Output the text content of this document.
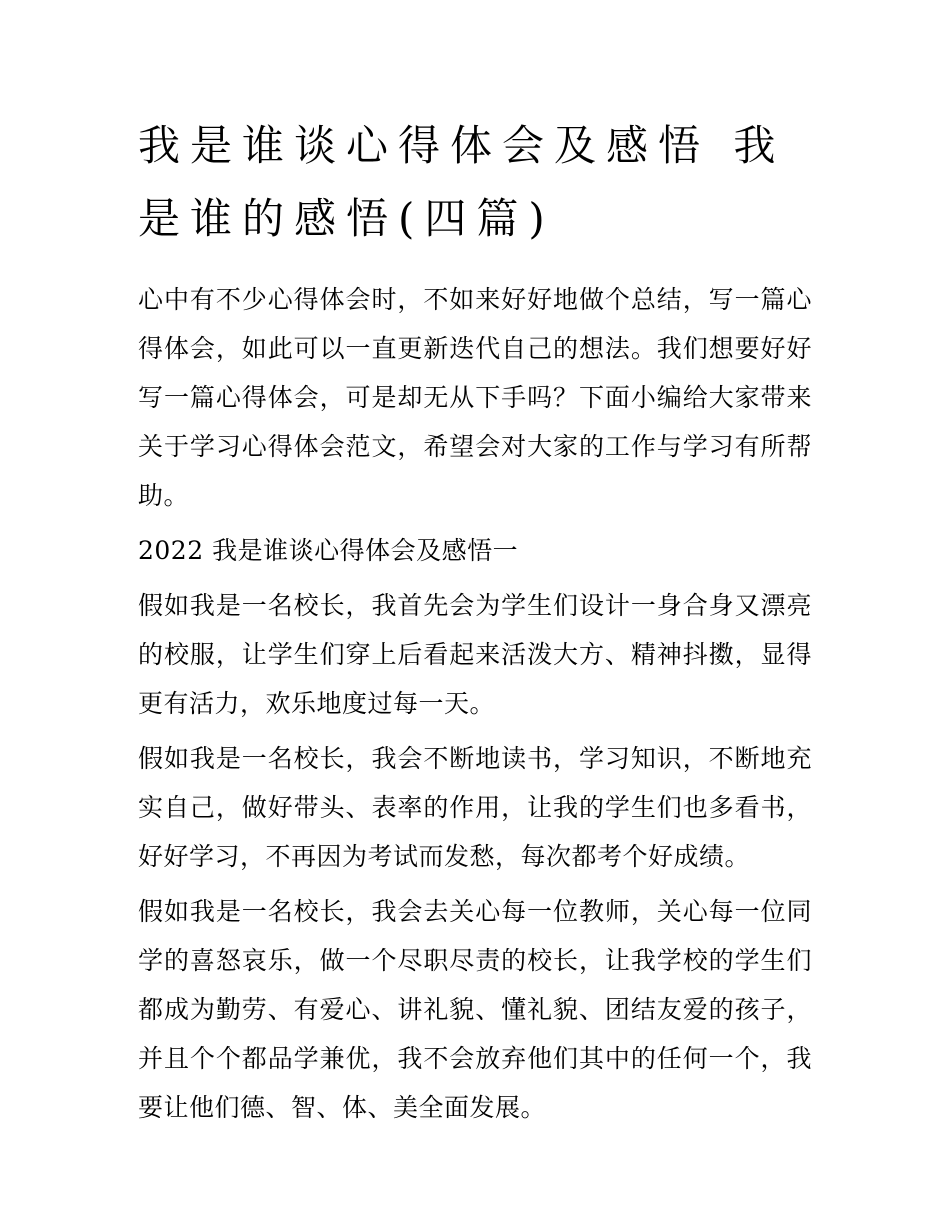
我是谁谈心得体会及感悟 我是谁的感悟(四篇)

心中有不少心得体会时，不如来好好地做个总结，写一篇心得体会，如此可以一直更新迭代自己的想法。我们想要好好写一篇心得体会，可是却无从下手吗？下面小编给大家带来关于学习心得体会范文，希望会对大家的工作与学习有所帮助。

2022 我是谁谈心得体会及感悟一

假如我是一名校长，我首先会为学生们设计一身合身又漂亮的校服，让学生们穿上后看起来活泼大方、精神抖擞，显得更有活力，欢乐地度过每一天。

假如我是一名校长，我会不断地读书，学习知识，不断地充实自己，做好带头、表率的作用，让我的学生们也多看书，好好学习，不再因为考试而发愁，每次都考个好成绩。

假如我是一名校长，我会去关心每一位教师，关心每一位同学的喜怒哀乐，做一个尽职尽责的校长，让我学校的学生们都成为勤劳、有爱心、讲礼貌、懂礼貌、团结友爱的孩子，并且个个都品学兼优，我不会放弃他们其中的任何一个，我要让他们德、智、体、美全面发展。
